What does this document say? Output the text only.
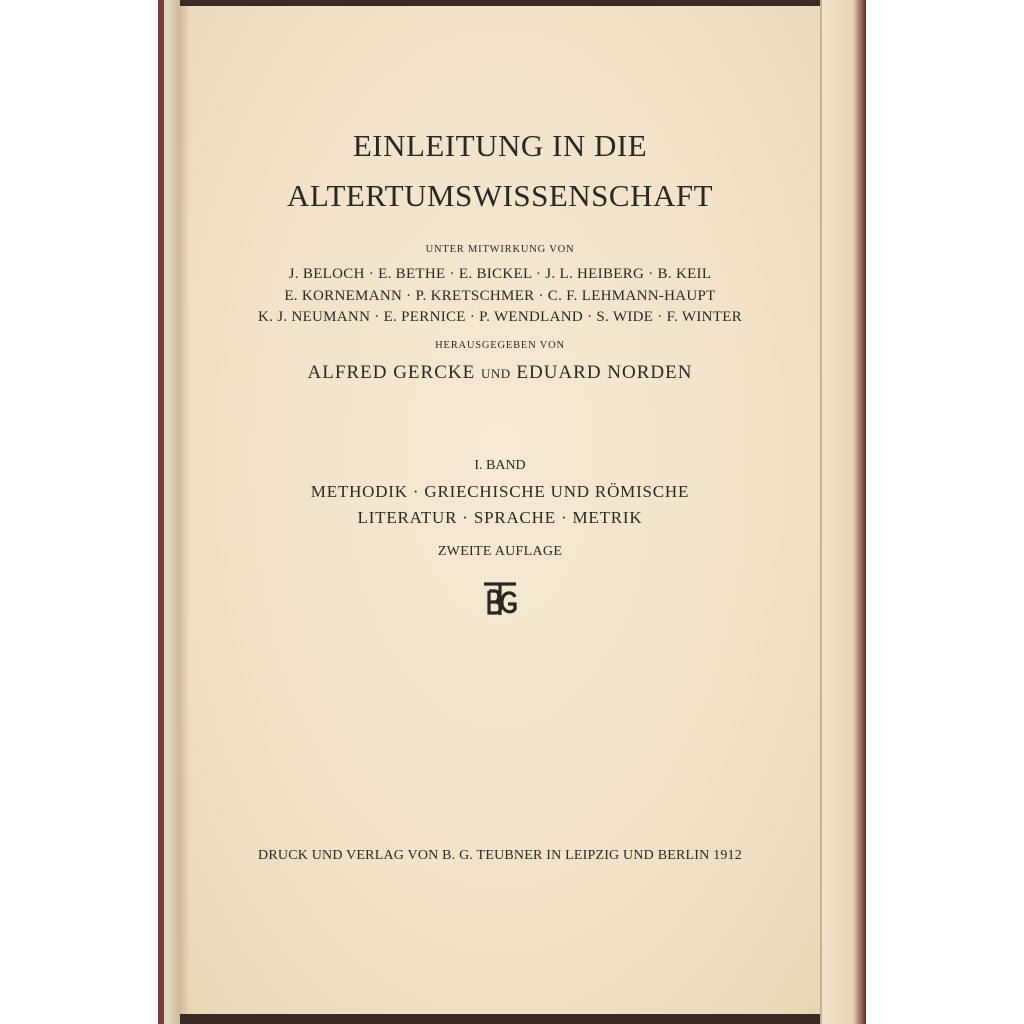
EINLEITUNG IN DIE
ALTERTUMSWISSENSCHAFT
UNTER MITWIRKUNG VON
J. BELOCH · E. BETHE · E. BICKEL · J. L. HEIBERG · B. KEIL
E. KORNEMANN · P. KRETSCHMER · C. F. LEHMANN-HAUPT
K. J. NEUMANN · E. PERNICE · P. WENDLAND · S. WIDE · F. WINTER
HERAUSGEGEBEN VON
ALFRED GERCKE UND EDUARD NORDEN
I. BAND
METHODIK · GRIECHISCHE UND RÖMISCHE
LITERATUR · SPRACHE · METRIK
ZWEITE AUFLAGE
DRUCK UND VERLAG VON B. G. TEUBNER IN LEIPZIG UND BERLIN 1912
